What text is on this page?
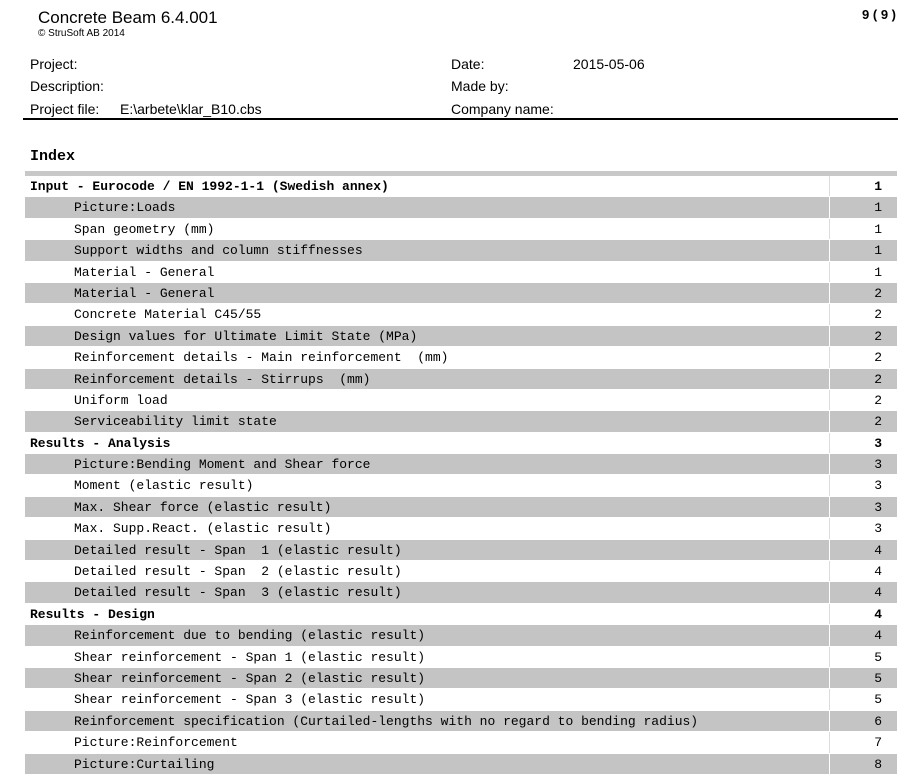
Concrete Beam 6.4.001
© StruSoft AB 2014
9 ( 9 )
Project:
Description:
Project file: E:\arbete\klar_B10.cbs
Date:	2015-05-06
Made by:
Company name:
Index
Input - Eurocode / EN 1992-1-1 (Swedish annex)	1
Picture:Loads	1
Span geometry (mm)	1
Support widths and column stiffnesses	1
Material - General	1
Material - General	2
Concrete Material C45/55	2
Design values for Ultimate Limit State (MPa)	2
Reinforcement details - Main reinforcement  (mm)	2
Reinforcement details - Stirrups  (mm)	2
Uniform load	2
Serviceability limit state	2
Results - Analysis	3
Picture:Bending Moment and Shear force	3
Moment (elastic result)	3
Max. Shear force (elastic result)	3
Max. Supp.React. (elastic result)	3
Detailed result - Span  1 (elastic result)	4
Detailed result - Span  2 (elastic result)	4
Detailed result - Span  3 (elastic result)	4
Results - Design	4
Reinforcement due to bending (elastic result)	4
Shear reinforcement - Span 1 (elastic result)	5
Shear reinforcement - Span 2 (elastic result)	5
Shear reinforcement - Span 3 (elastic result)	5
Reinforcement specification (Curtailed-lengths with no regard to bending radius)	6
Picture:Reinforcement	7
Picture:Curtailing	8
